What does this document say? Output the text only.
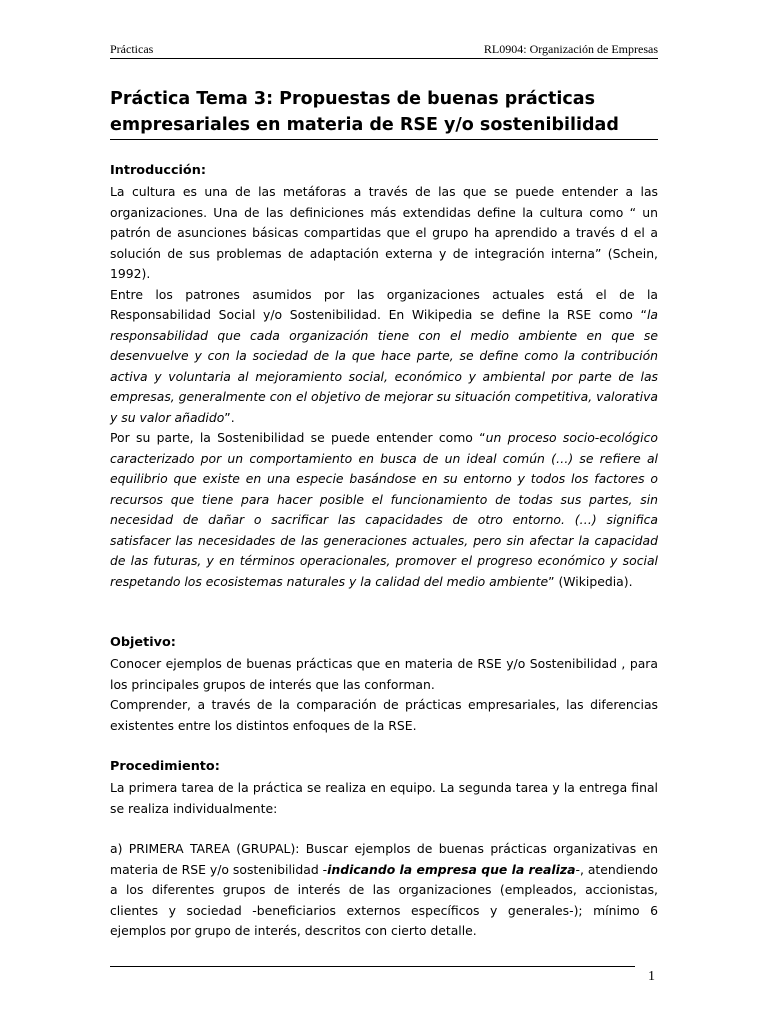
Prácticas	RL0904: Organización de Empresas
Práctica Tema 3: Propuestas de buenas prácticas empresariales en materia de RSE y/o sostenibilidad
Introducción:

La cultura es una de las metáforas a través de las que se puede entender a las organizaciones. Una de las definiciones más extendidas define la cultura como “ un patrón de asunciones básicas compartidas que el grupo ha aprendido a través d el a solución de sus problemas de adaptación externa y de integración interna” (Schein, 1992).

Entre los patrones asumidos por las organizaciones actuales está el de la Responsabilidad Social y/o Sostenibilidad. En Wikipedia se define la RSE como “la responsabilidad que cada organización tiene con el medio ambiente en que se desenvuelve y con la sociedad de la que hace parte, se define como la contribución activa y voluntaria al mejoramiento social, económico y ambiental por parte de las empresas, generalmente con el objetivo de mejorar su situación competitiva, valorativa y su valor añadido”.

Por su parte, la Sostenibilidad se puede entender como “un proceso socio-ecológico caracterizado por un comportamiento en busca de un ideal común (…) se refiere al equilibrio que existe en una especie basándose en su entorno y todos los factores o recursos que tiene para hacer posible el funcionamiento de todas sus partes, sin necesidad de dañar o sacrificar las capacidades de otro entorno. (…) significa satisfacer las necesidades de las generaciones actuales, pero sin afectar la capacidad de las futuras, y en términos operacionales, promover el progreso económico y social respetando los ecosistemas naturales y la calidad del medio ambiente” (Wikipedia).

Objetivo:

Conocer ejemplos de buenas prácticas que en materia de RSE y/o Sostenibilidad , para los principales grupos de interés que las conforman.

Comprender, a través de la comparación de prácticas empresariales, las diferencias existentes entre los distintos enfoques de la RSE.

Procedimiento:

La primera tarea de la práctica se realiza en equipo. La segunda tarea y la entrega final se realiza individualmente:

a) PRIMERA TAREA (GRUPAL): Buscar ejemplos de buenas prácticas organizativas en materia de RSE y/o sostenibilidad -indicando la empresa que la realiza-, atendiendo a los diferentes grupos de interés de las organizaciones (empleados, accionistas, clientes y sociedad -beneficiarios externos específicos y generales-); mínimo 6 ejemplos por grupo de interés, descritos con cierto detalle.

1
